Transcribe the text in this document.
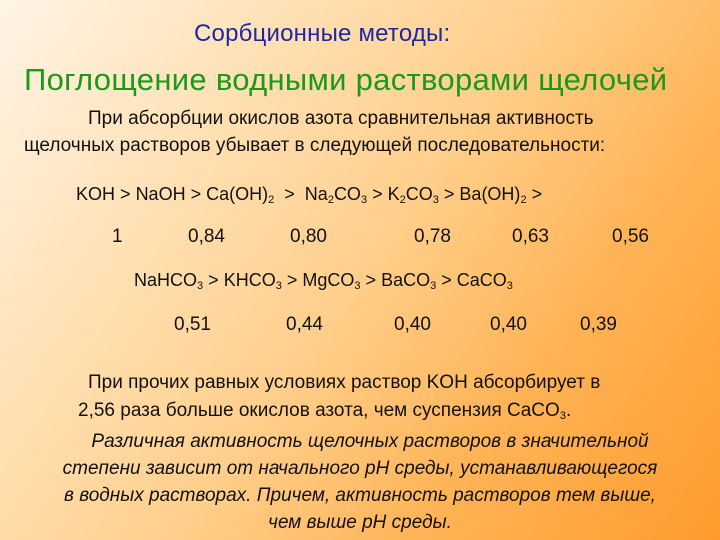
Сорбционные методы:
Поглощение водными растворами щелочей
При абсорбции окислов азота сравнительная активность
щелочных растворов убывает в следующей последовательности:
KOH > NaOH > $Ca(OH)_2 > Na_2CO_3 > K_2CO_3 > Ba(OH)_2$ >
1	0,84	0,80	0,78	0,63	0,56
NaHCO$_3$ > $KHCO_3$ > MgCO$_3$ > BaCO$_3$ > CaCO$_3$
0,51	0,44	0,40	0,40	0,39
При прочих равных условиях раствор KOH абсорбирует в
2,56 раза больше окислов азота, чем суспензия CaCO$_3$.
Различная активность щелочных растворов в значительной
степени зависит от начального pH среды, устанавливающегося
в водных растворах. Причем, активность растворов тем выше,
чем выше pH среды.
